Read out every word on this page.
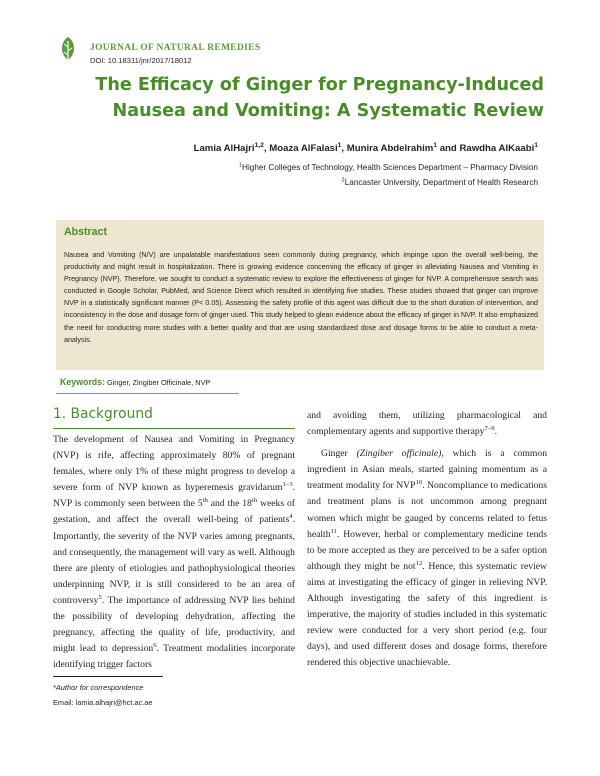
JOURNAL OF NATURAL REMEDIES
DOI: 10.18311/jnr/2017/18012
The Efficacy of Ginger for Pregnancy-Induced
Nausea and Vomiting: A Systematic Review
Lamia AlHajri$^{1,2}$, Moaza AlFalasi$^1$, Munira Abdelrahim$^1$ and Rawdha AlKaabi$^1$
$^1$Higher Colleges of Technology, Health Sciences Department – Pharmacy Division
$^2$Lancaster University, Department of Health Research
Abstract
Nausea and Vomiting (N/V) are unpalatable manifestations seen commonly during pregnancy, which impinge upon the overall well-being, the productivity and might result in hospitalization. There is growing evidence concerning the efficacy of ginger in alleviating Nausea and Vomiting in Pregnancy (NVP). Therefore, we sought to conduct a systematic review to explore the effectiveness of ginger for NVP. A comprehensive search was conducted in Google Scholar, PubMed, and Science Direct which resulted in identifying five studies. These studies showed that ginger can improve NVP in a statistically significant manner (P< 0.05). Assessing the safety profile of this agent was difficult due to the short duration of intervention, and inconsistency in the dose and dosage form of ginger used. This study helped to glean evidence about the efficacy of ginger in NVP. It also emphasized the need for conducting more studies with a better quality and that are using standardized dose and dosage forms to be able to conduct a meta-analysis.
Keywords: Ginger, Zingiber Officinale, NVP
1. Background

The development of Nausea and Vomiting in Pregnancy (NVP) is rife, affecting approximately 80% of pregnant females, where only 1% of these might progress to develop a severe form of NVP known as hyperemesis gravidarum$^{1-3}$. NVP is commonly seen between the 5th and the 18th weeks of gestation, and affect the overall well-being of patients$^4$. Importantly, the severity of the NVP varies among pregnants, and consequently, the management will vary as well. Although there are plenty of etiologies and pathophysiological theories underpinning NVP, it is still considered to be an area of controversy$^5$. The importance of addressing NVP lies behind the possibility of developing dehydration, affecting the pregnancy, affecting the quality of life, productivity, and might lead to depression$^6$. Treatment modalities incorporate identifying trigger factors

and avoiding them, utilizing pharmacological and complementary agents and supportive therapy$^{7-9}$.

Ginger (Zingiber officinale), which is a common ingredient in Asian meals, started gaining momentum as a treatment modality for NVP$^{10}$. Noncompliance to medications and treatment plans is not uncommon among pregnant women which might be gauged by concerns related to fetus health$^{11}$. However, herbal or complementary medicine tends to be more accepted as they are perceived to be a safer option although they might be not$^{12}$. Hence, this systematic review aims at investigating the efficacy of ginger in relieving NVP. Although investigating the safety of this ingredient is imperative, the majority of studies included in this systematic review were conducted for a very short period (e.g. four days), and used different doses and dosage forms, therefore rendered this objective unachievable.

*Author for correspondence
Email: lamia.alhajri@hct.ac.ae
